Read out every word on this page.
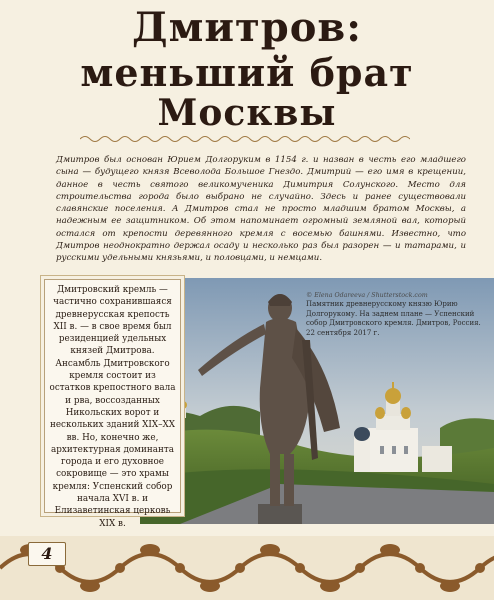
Дмитров:
меньший брат
Москвы
Дмитров был основан Юрием Долгоруким в 1154 г. и назван в честь его младшего сына — будущего князя Всеволода Большое Гнездо. Дмитрий — его имя в крещении, данное в честь святого великомученика Димитрия Солунского. Место для строительства города было выбрано не случайно. Здесь и ранее существовали славянские поселения. А Дмитров стал не просто младшим братом Москвы, а надежным ее защитником. Об этом напоминает огромный земляной вал, который остался от крепости деревянного кремля с восемью башнями. Известно, что Дмитров неоднократно держал осаду и несколько раз был разорен — и татарами, и русскими удельными князьями, и половцами, и немцами.
© Elena Odareeva / Shutterstock.com
Памятник древнерусскому князю Юрию Долгорукому. На заднем плане — Успенский собор Дмитровского кремля. Дмитров, Россия. 22 сентября 2017 г.
Дмитровский кремль — частично сохранившаяся древнерусская крепость XII в. — в свое время был резиденцией удельных князей Дмитрова. Ансамбль Дмитровского кремля состоит из остатков крепостного вала и рва, воссозданных Никольских ворот и нескольких зданий XIX–XX вв. Но, конечно же, архитектурная доминанта города и его духовное сокровище — это храмы кремля: Успенский собор начала XVI в. и Елизаветинская церковь XIX в.
4
